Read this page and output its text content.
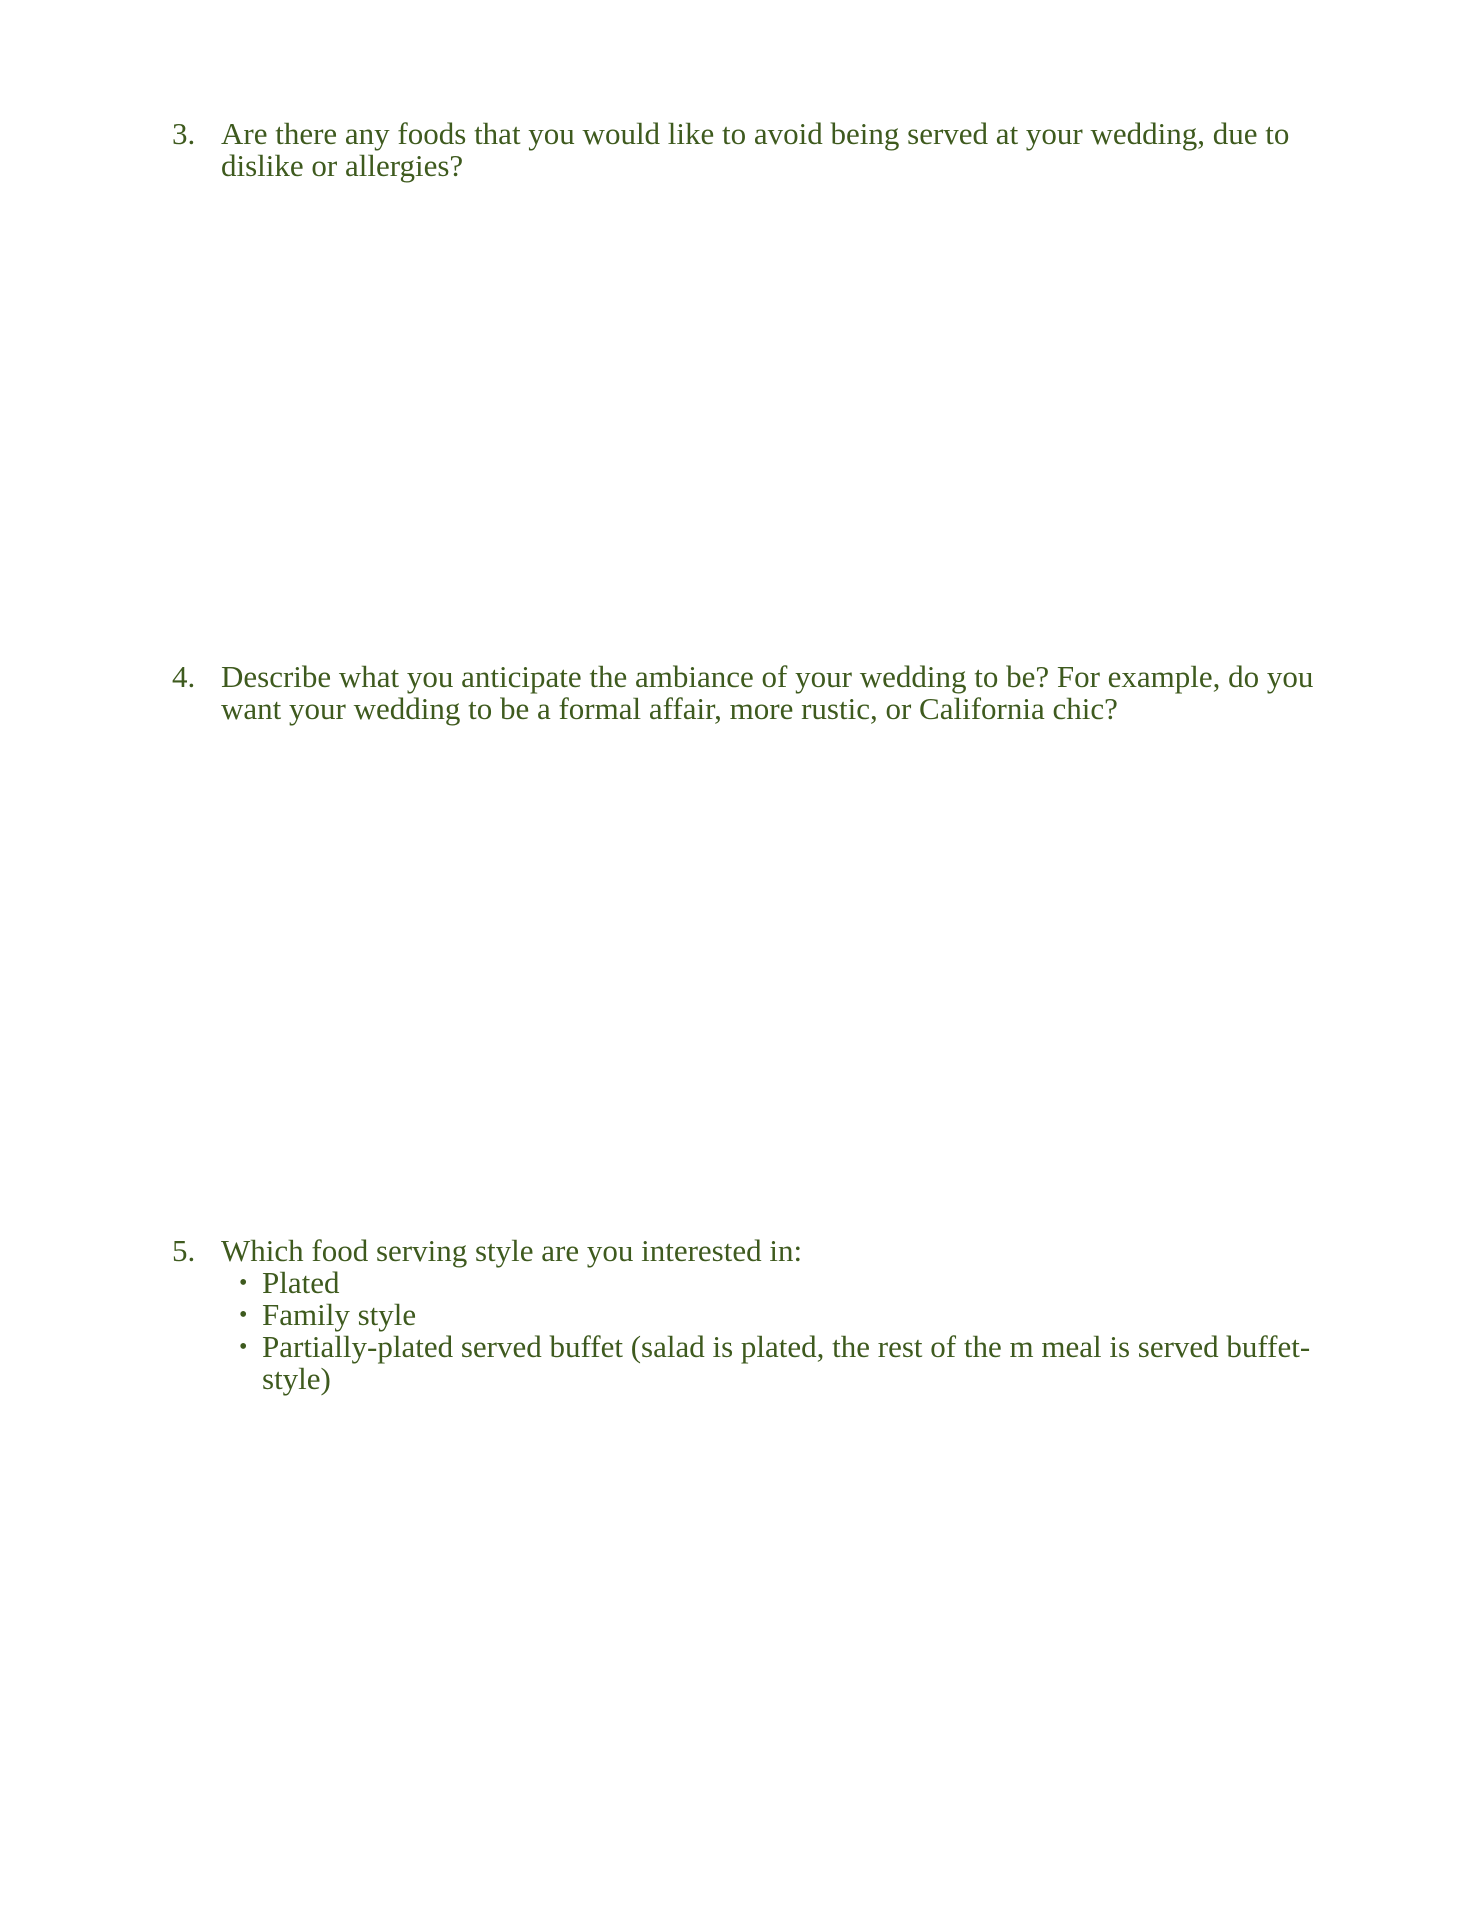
3. Are there any foods that you would like to avoid being served at your wedding, due to dislike or allergies?
4. Describe what you anticipate the ambiance of your wedding to be? For example, do you want your wedding to be a formal affair, more rustic, or California chic?
5. Which food serving style are you interested in:
• Plated
• Family style
• Partially-plated served buffet (salad is plated, the rest of the m meal is served buffet-style)
